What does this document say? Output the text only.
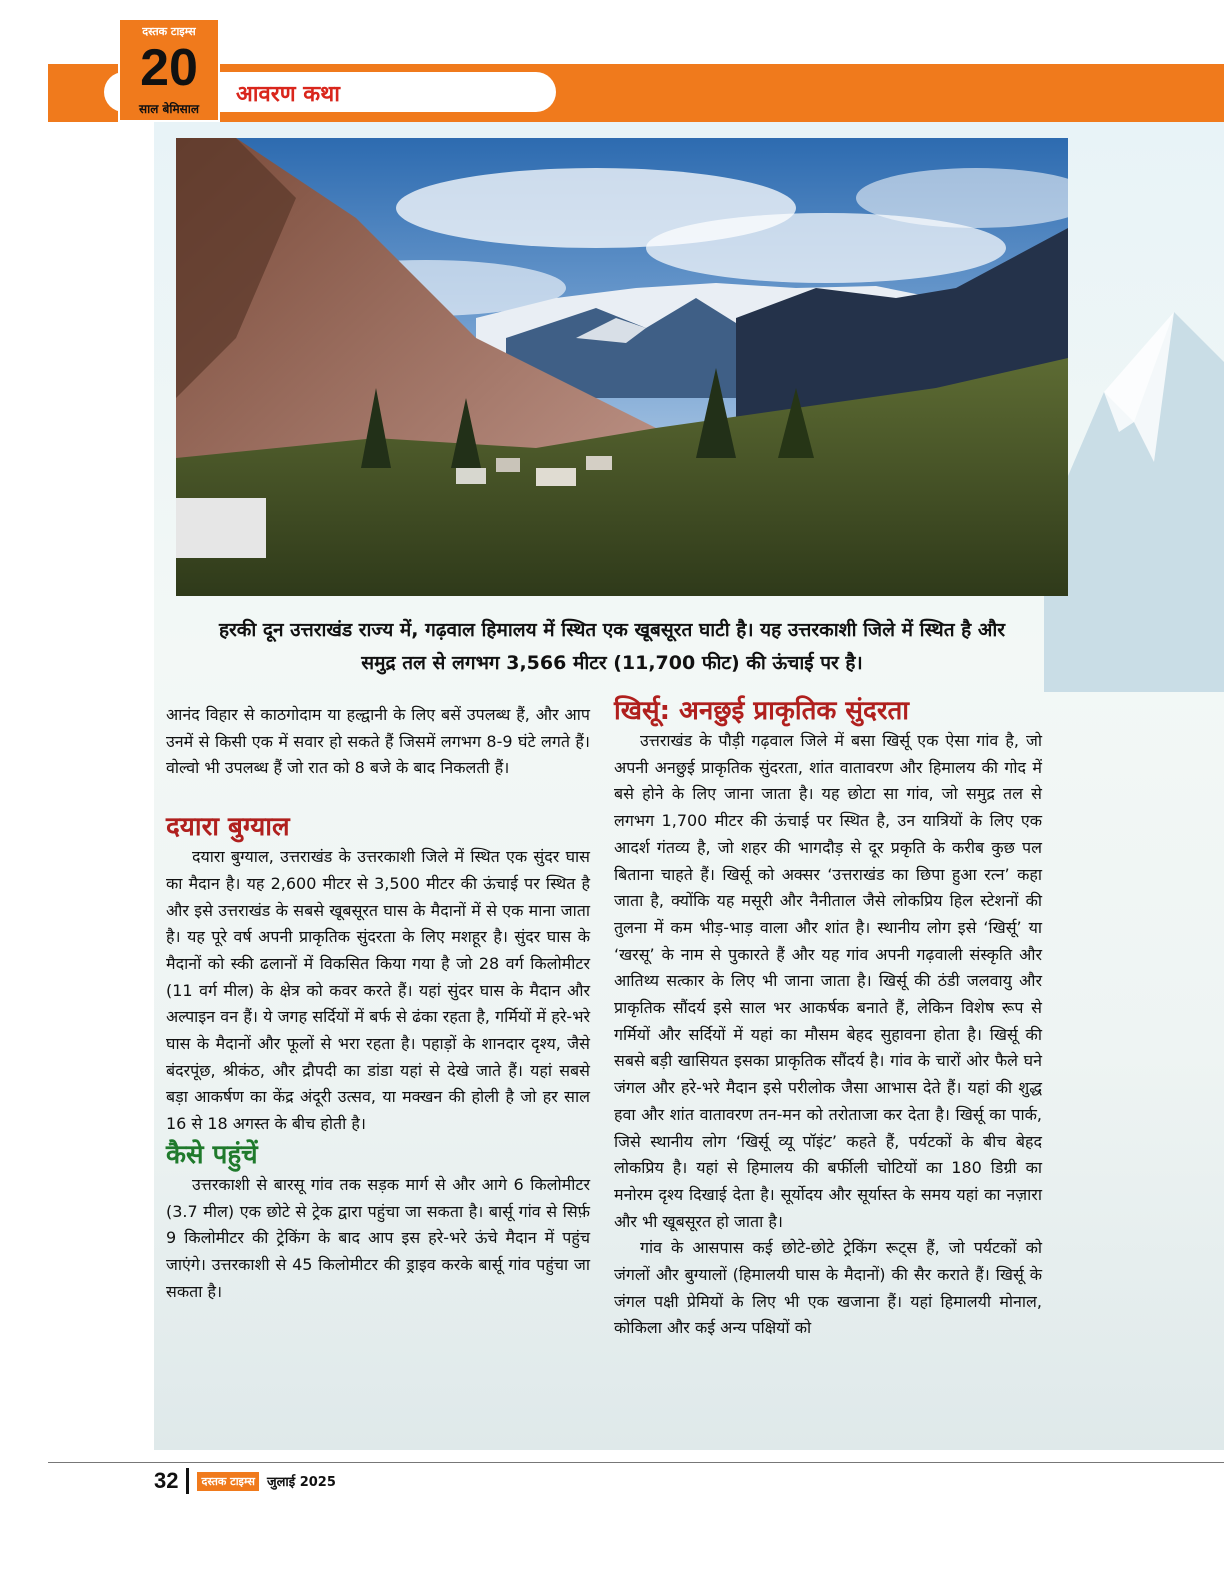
आवरण कथा
दस्तक टाइम्स
20
साल बेमिसाल
हरकी दून उत्तराखंड राज्य में, गढ़वाल हिमालय में स्थित एक खूबसूरत घाटी है। यह उत्तरकाशी जिले में स्थित है और
समुद्र तल से लगभग 3,566 मीटर (11,700 फीट) की ऊंचाई पर है।

आनंद विहार से काठगोदाम या हल्द्वानी के लिए बसें उपलब्ध हैं, और आप उनमें से किसी एक में सवार हो सकते हैं जिसमें लगभग 8-9 घंटे लगते हैं। वोल्वो भी उपलब्ध हैं जो रात को 8 बजे के बाद निकलती हैं।

दयारा बुग्याल

दयारा बुग्याल, उत्तराखंड के उत्तरकाशी जिले में स्थित एक सुंदर घास का मैदान है। यह 2,600 मीटर से 3,500 मीटर की ऊंचाई पर स्थित है और इसे उत्तराखंड के सबसे खूबसूरत घास के मैदानों में से एक माना जाता है। यह पूरे वर्ष अपनी प्राकृतिक सुंदरता के लिए मशहूर है। सुंदर घास के मैदानों को स्की ढलानों में विकसित किया गया है जो 28 वर्ग किलोमीटर (11 वर्ग मील) के क्षेत्र को कवर करते हैं। यहां सुंदर घास के मैदान और अल्पाइन वन हैं। ये जगह सर्दियों में बर्फ से ढंका रहता है, गर्मियों में हरे-भरे घास के मैदानों और फूलों से भरा रहता है। पहाड़ों के शानदार दृश्य, जैसे बंदरपूंछ, श्रीकंठ, और द्रौपदी का डांडा यहां से देखे जाते हैं। यहां सबसे बड़ा आकर्षण का केंद्र अंदूरी उत्सव, या मक्खन की होली है जो हर साल 16 से 18 अगस्त के बीच होती है।

कैसे पहुंचें

उत्तरकाशी से बारसू गांव तक सड़क मार्ग से और आगे 6 किलोमीटर (3.7 मील) एक छोटे से ट्रेक द्वारा पहुंचा जा सकता है। बार्सू गांव से सिर्फ़ 9 किलोमीटर की ट्रेकिंग के बाद आप इस हरे-भरे ऊंचे मैदान में पहुंच जाएंगे। उत्तरकाशी से 45 किलोमीटर की ड्राइव करके बार्सू गांव पहुंचा जा सकता है।

खिर्सू: अनछुई प्राकृतिक सुंदरता

उत्तराखंड के पौड़ी गढ़वाल जिले में बसा खिर्सू एक ऐसा गांव है, जो अपनी अनछुई प्राकृतिक सुंदरता, शांत वातावरण और हिमालय की गोद में बसे होने के लिए जाना जाता है। यह छोटा सा गांव, जो समुद्र तल से लगभग 1,700 मीटर की ऊंचाई पर स्थित है, उन यात्रियों के लिए एक आदर्श गंतव्य है, जो शहर की भागदौड़ से दूर प्रकृति के करीब कुछ पल बिताना चाहते हैं। खिर्सू को अक्सर ‘उत्तराखंड का छिपा हुआ रत्न’ कहा जाता है, क्योंकि यह मसूरी और नैनीताल जैसे लोकप्रिय हिल स्टेशनों की तुलना में कम भीड़-भाड़ वाला और शांत है। स्थानीय लोग इसे ‘खिर्सू’ या ‘खरसू’ के नाम से पुकारते हैं और यह गांव अपनी गढ़वाली संस्कृति और आतिथ्य सत्कार के लिए भी जाना जाता है। खिर्सू की ठंडी जलवायु और प्राकृतिक सौंदर्य इसे साल भर आकर्षक बनाते हैं, लेकिन विशेष रूप से गर्मियों और सर्दियों में यहां का मौसम बेहद सुहावना होता है। खिर्सू की सबसे बड़ी खासियत इसका प्राकृतिक सौंदर्य है। गांव के चारों ओर फैले घने जंगल और हरे-भरे मैदान इसे परीलोक जैसा आभास देते हैं। यहां की शुद्ध हवा और शांत वातावरण तन-मन को तरोताजा कर देता है। खिर्सू का पार्क, जिसे स्थानीय लोग ‘खिर्सू व्यू पॉइंट’ कहते हैं, पर्यटकों के बीच बेहद लोकप्रिय है। यहां से हिमालय की बर्फीली चोटियों का 180 डिग्री का मनोरम दृश्य दिखाई देता है। सूर्योदय और सूर्यास्त के समय यहां का नज़ारा और भी खूबसूरत हो जाता है।

गांव के आसपास कई छोटे-छोटे ट्रेकिंग रूट्स हैं, जो पर्यटकों को जंगलों और बुग्यालों (हिमालयी घास के मैदानों) की सैर कराते हैं। खिर्सू के जंगल पक्षी प्रेमियों के लिए भी एक खजाना हैं। यहां हिमालयी मोनाल, कोकिला और कई अन्य पक्षियों को

32	दस्तक टाइम्स जुलाई 2025
